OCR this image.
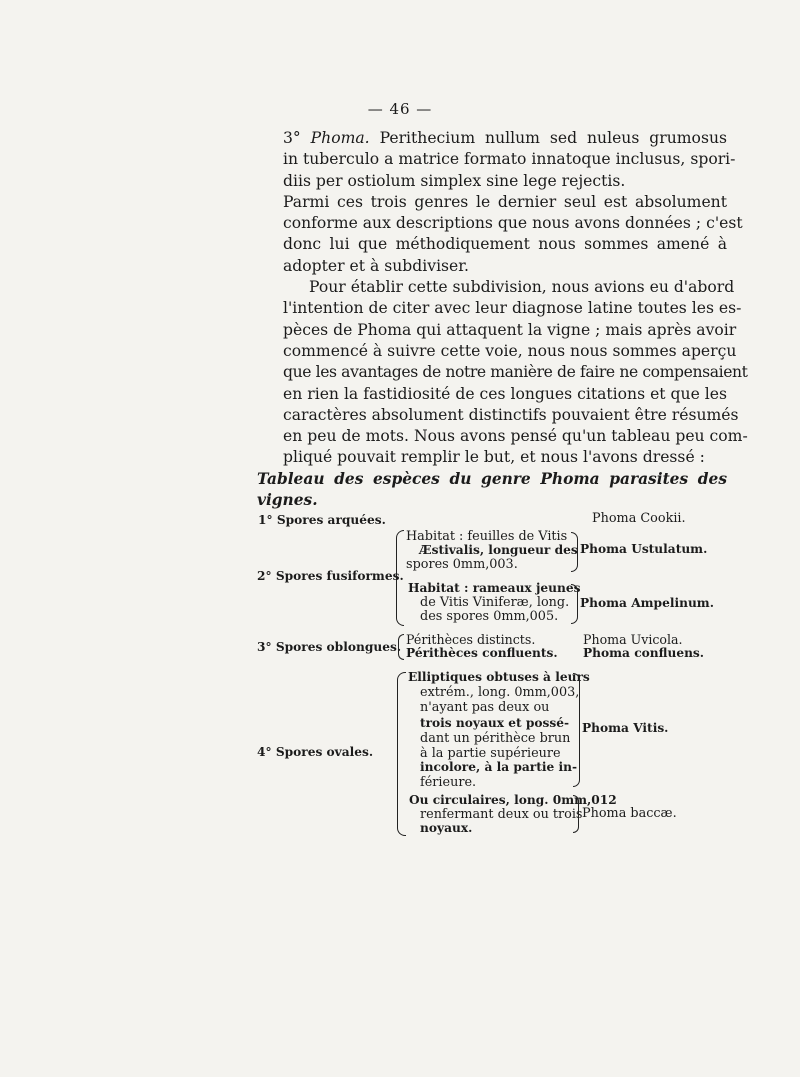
— 46 —

3° Phoma. Perithecium nullum sed nuleus grumosus
in tuberculo a matrice formato innatoque inclusus, spori-
diis per ostiolum simplex sine lege rejectis.

Parmi ces trois genres le dernier seul est absolument
conforme aux descriptions que nous avons données ; c'est
donc lui que méthodiquement nous sommes amené à
adopter et à subdiviser.

Pour établir cette subdivision, nous avions eu d'abord
l'intention de citer avec leur diagnose latine toutes les es-
pèces de Phoma qui attaquent la vigne ; mais après avoir
commencé à suivre cette voie, nous nous sommes aperçu
que les avantages de notre manière de faire ne compensaient
en rien la fastidiosité de ces longues citations et que les
caractères absolument distinctifs pouvaient être résumés
en peu de mots. Nous avons pensé qu'un tableau peu com-
pliqué pouvait remplir le but, et nous l'avons dressé :

Tableau des espèces du genre Phoma parasites des vignes.
1° Spores arquées.	Phoma Cookii.
Habitat : feuilles de Vitis
Æstivalis, longueur des
spores 0mm,003.
Phoma Ustulatum.
2° Spores fusiformes.
Habitat : rameaux jeunes
de Vitis Viniferæ, long.
des spores 0mm,005.
Phoma Ampelinum.
3° Spores oblongues. Périthèces distincts.
Périthèces confluents.
Phoma Uvicola.
Phoma confluens.
Elliptiques obtuses à leurs
extrém., long. 0mm,003,
n'ayant pas deux ou
trois noyaux et possé-
dant un périthèce brun
à la partie supérieure
incolore, à la partie in-
férieure.
Phoma Vitis.
4° Spores ovales.
Ou circulaires, long. 0mm,012
renfermant deux ou trois
noyaux.
Phoma baccæ.
